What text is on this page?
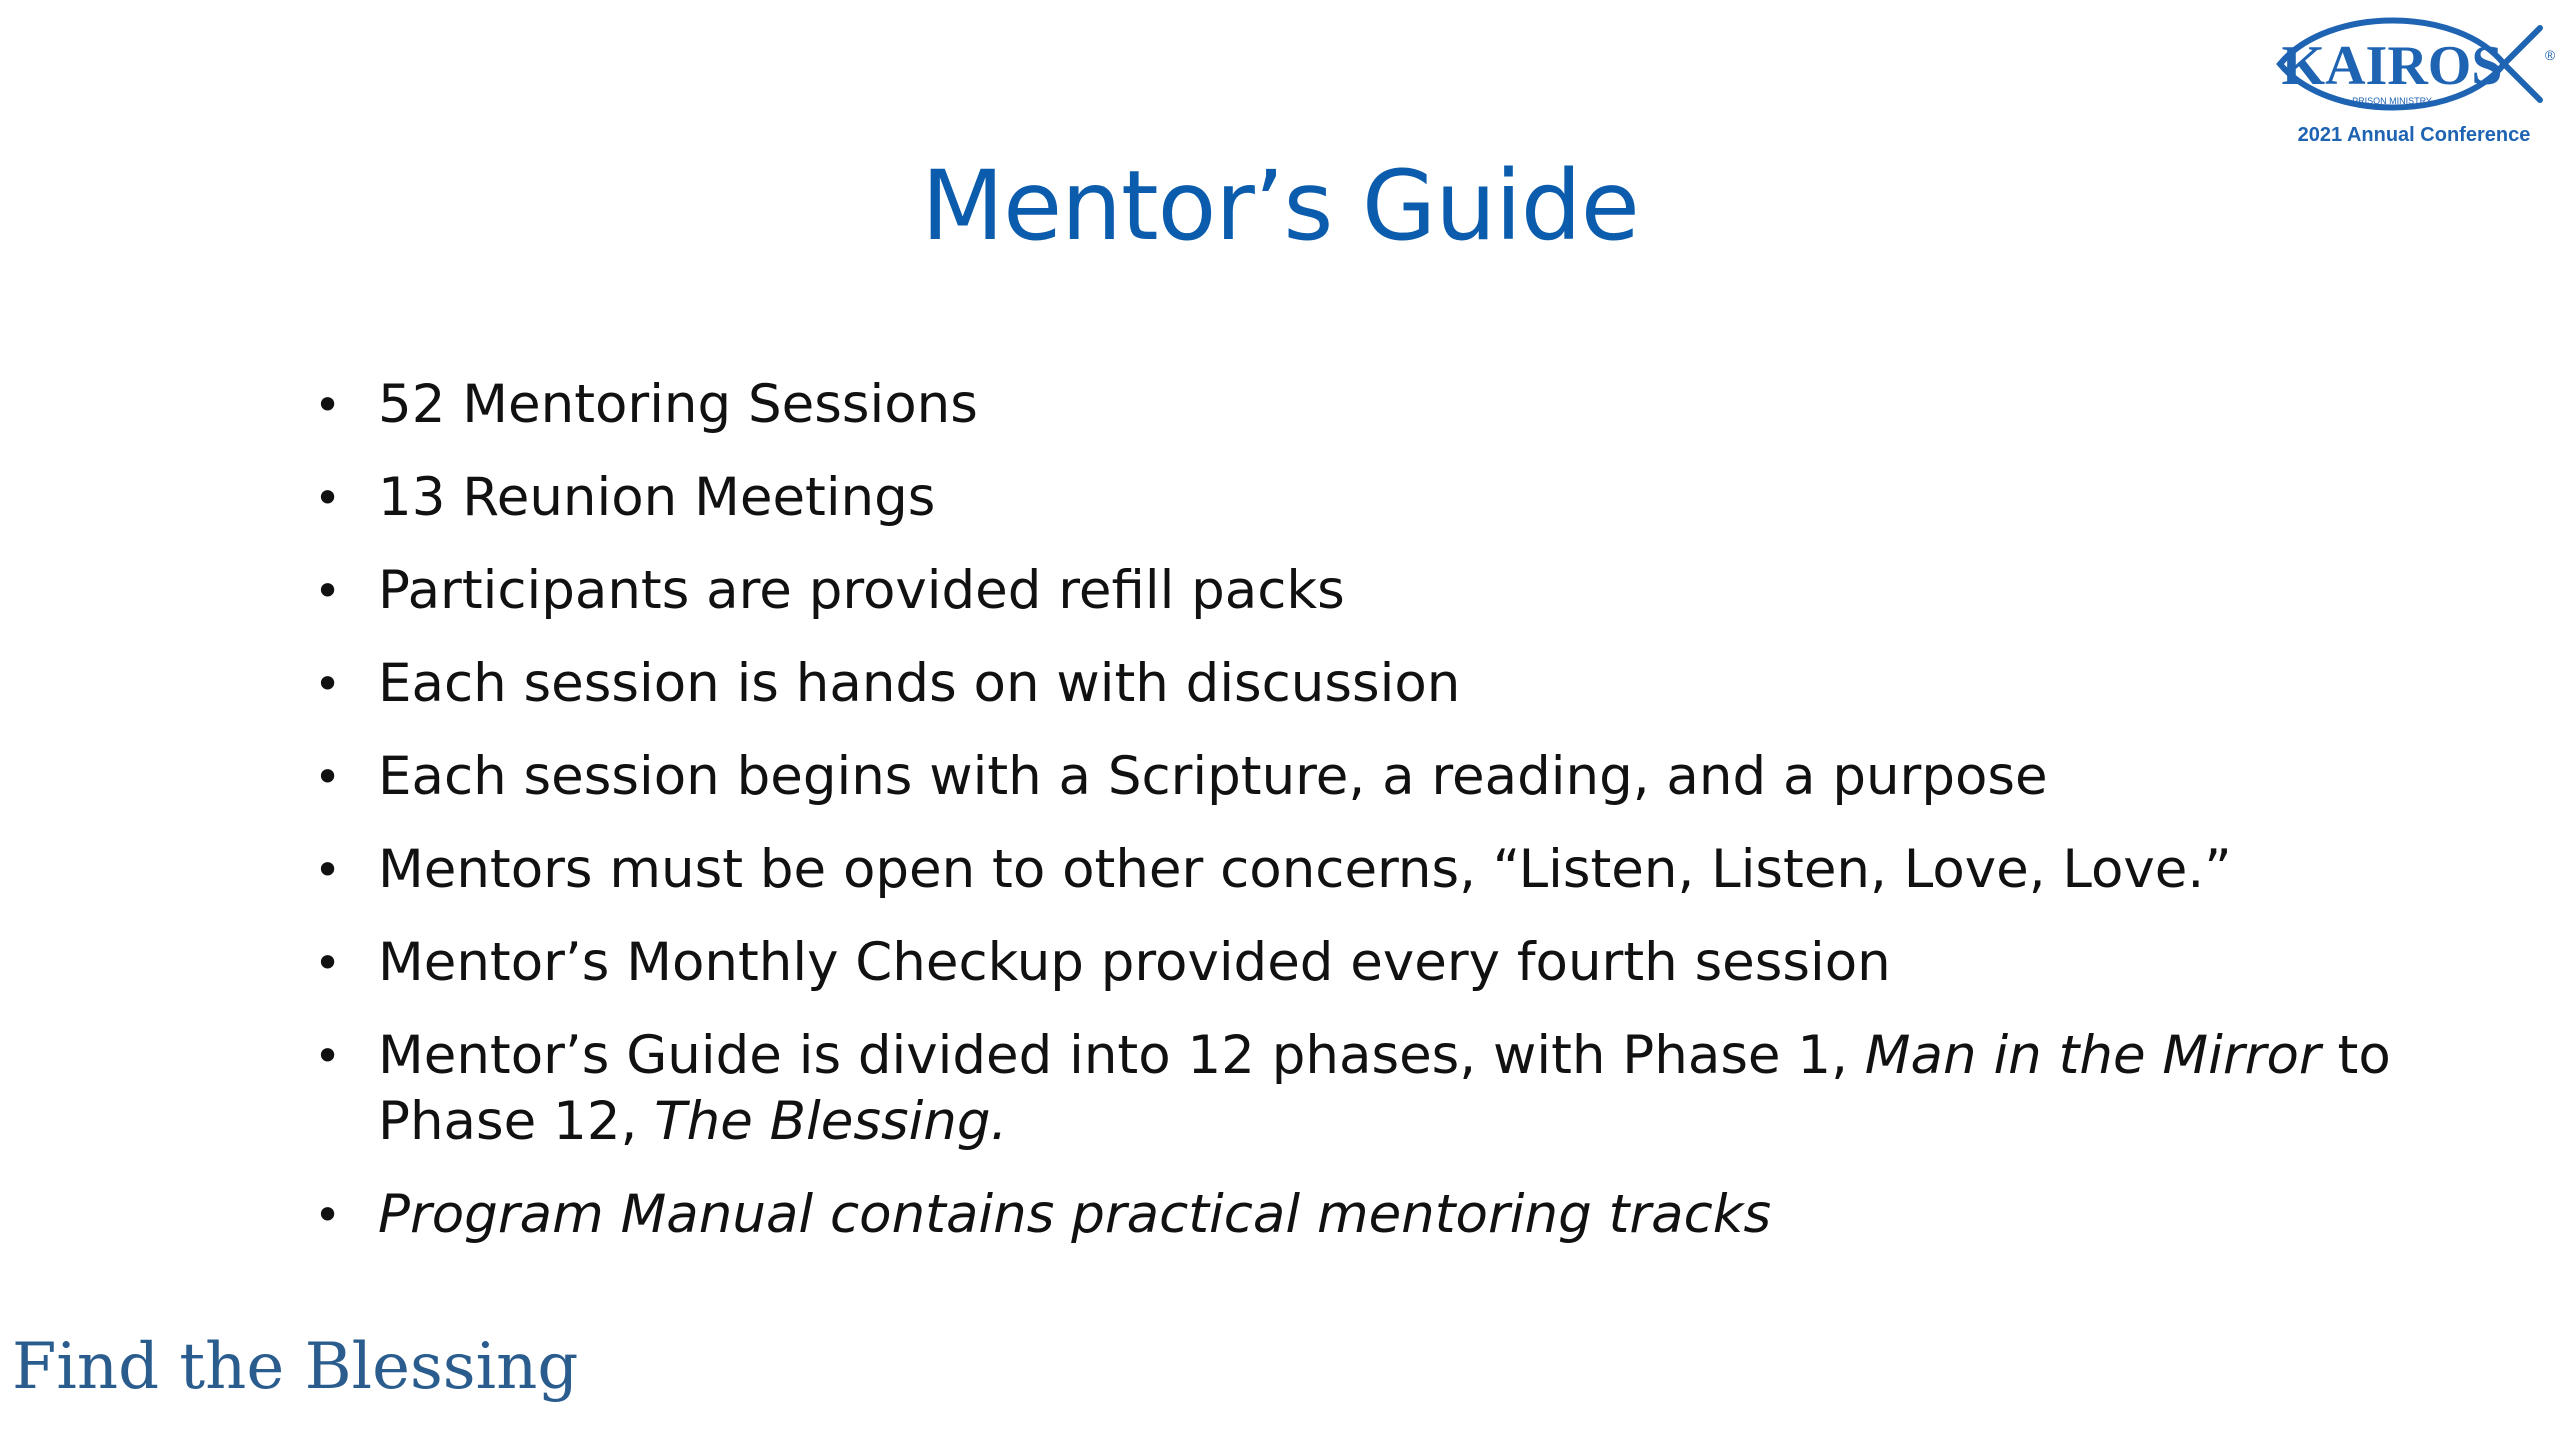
KAIROS
PRISON MINISTRY
®
2021 Annual Conference
Mentor’s Guide
• 52 Mentoring Sessions
• 13 Reunion Meetings
• Participants are provided refill packs
• Each session is hands on with discussion
• Each session begins with a Scripture, a reading, and a purpose
• Mentors must be open to other concerns, “Listen, Listen, Love, Love.”
• Mentor’s Monthly Checkup provided every fourth session
• Mentor’s Guide is divided into 12 phases, with Phase 1, Man in the Mirror to Phase 12, The Blessing.
• Program Manual contains practical mentoring tracks
Find the Blessing
